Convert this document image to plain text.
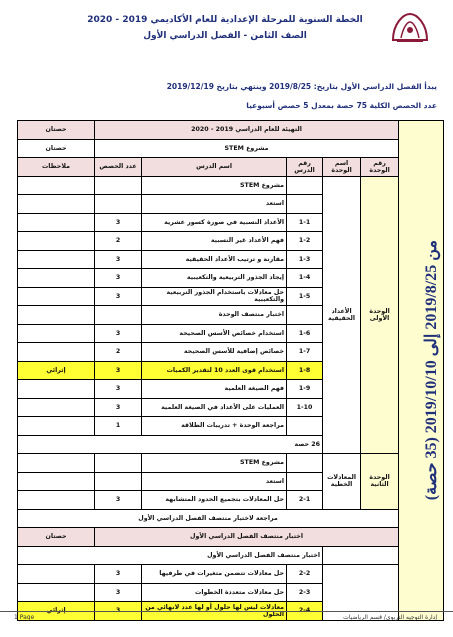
الخطة السنوية للمرحلة الإعدادية للعام الأكاديمي 2019 - 2020
الصف الثامن - الفصل الدراسي الأول
يبدأ الفصل الدراسي الأول بتاريخ: 2019/8/25 وينتهي بتاريخ 2019/12/19
عدد الحصص الكلية 75 حصة بمعدل 5 حصص أسبوعيا
من 2019/8/25 إلى 2019/10/10 (35 حصة)	التهيئة للعام الدراسي 2019 - 2020					حصتان
	مشروع STEM					حصتان
	رقم الوحدة	اسم الوحدة	رقم الدرس	اسم الدرس	عدد الحصص	ملاحظات
	الوحدة الأولى	الأعداد الحقيقية		مشروع STEM		
				استعد		
			1-1	الأعداد النسبية في صورة كسور عشرية	3	
			1-2	فهم الأعداد غير النسبية	2	
			1-3	مقارنة و ترتيب الأعداد الحقيقية	3	
			1-4	إيجاد الجذور التربيعية والتكعيبية	3	
			1-5	حل معادلات باستخدام الجذور التربيعية والتكعيبية	3	
				اختبار منتصف الوحدة		
			1-6	استخدام خصائص الأسس الصحيحة	3	
			1-7	خصائص إضافية للأسس الصحيحة	2	
			1-8	استخدام قوى العدد 10 لتقدير الكميات	3	إثرائي
			1-9	فهم الصيغة العلمية	3	
			1-10	العمليات على الأعداد في الصيغة العلمية	3	
				مراجعة الوحدة + تدريبات الطلاقة	1	
			26 حصة			
	الوحدة الثانية	المعادلات الخطية		مشروع STEM		
				استعد		
			2-1	حل المعادلات بتجميع الحدود المتشابهة	3	
	مراجعة لاختبار منتصف الفصل الدراسي الأول					
	اختبار منتصف الفصل الدراسي الأول					حصتان
			اختبار منتصف الفصل الدراسي الأول			
			2-2	حل معادلات تتضمن متغيرات في طرفيها	3	
			2-3	حل معادلات متعددة الخطوات	3	
			2-4	معادلات ليس لها حلول أو لها عدد لانهائي من الحلول	3	إثرائي
1 Page	إدارة التوجيه التربوي/ قسم الرياضيات
